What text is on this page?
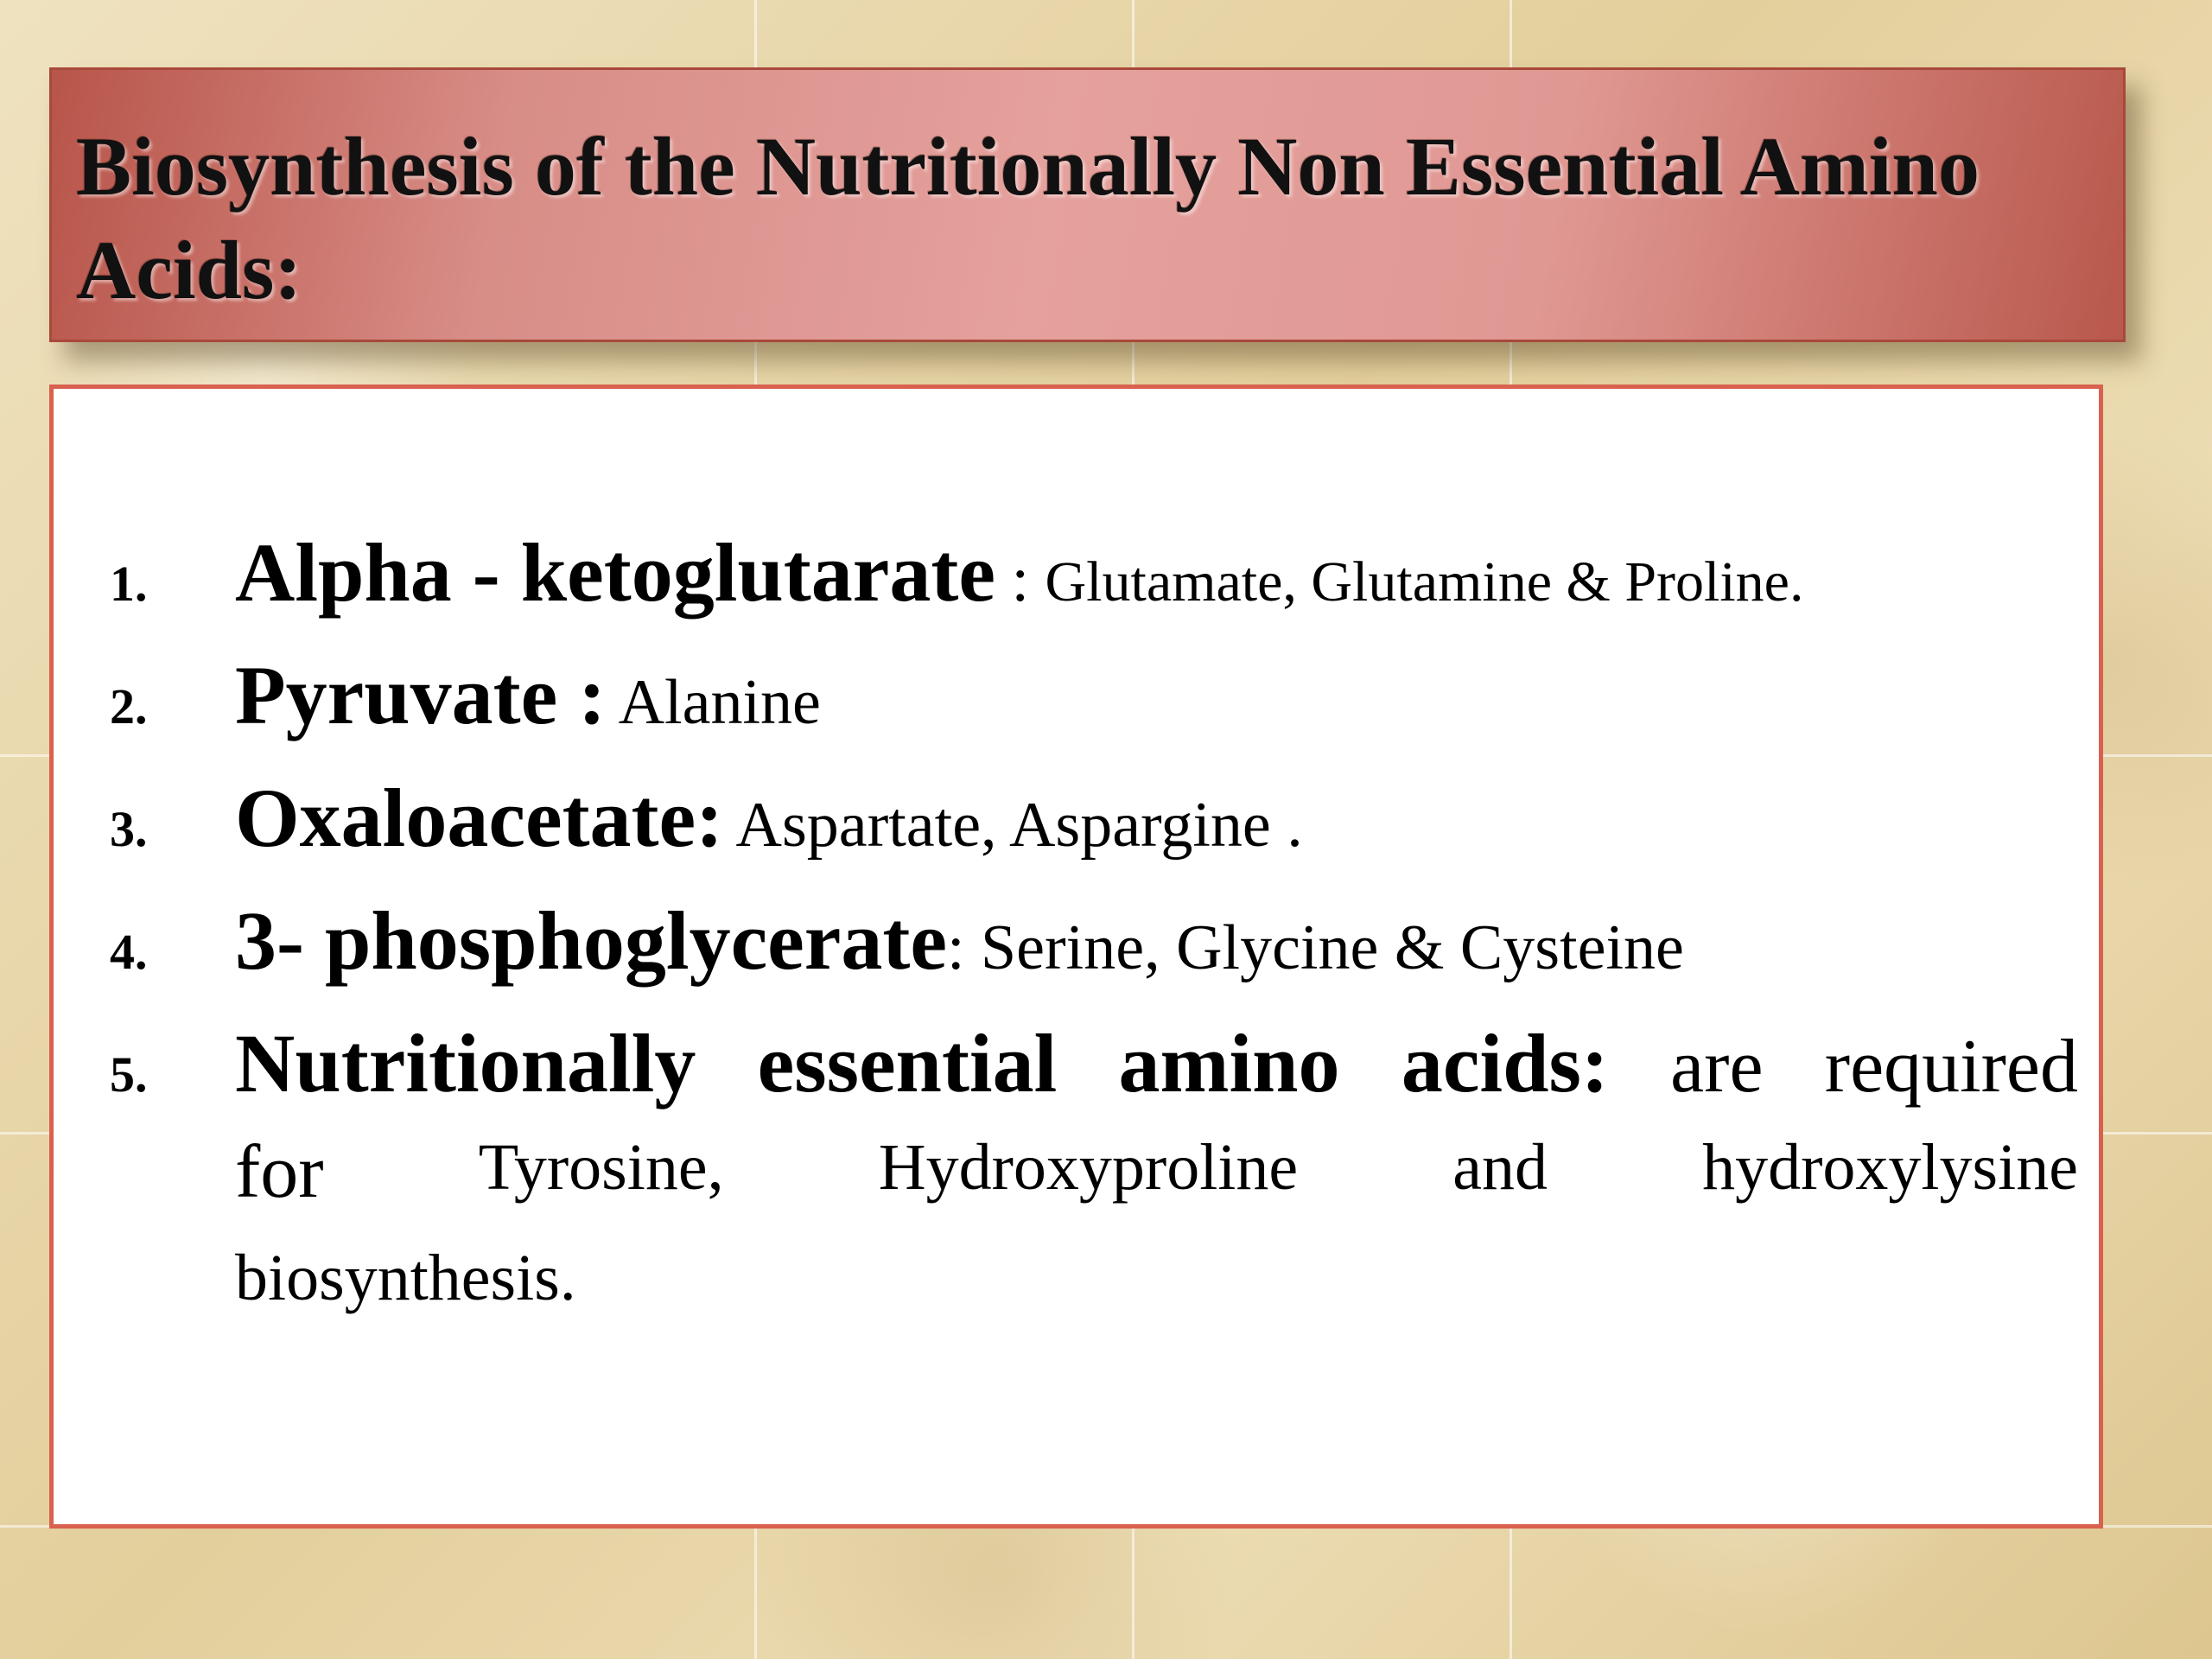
Biosynthesis of the Nutritionally Non Essential Amino Acids:
1. Alpha - ketoglutarate : Glutamate, Glutamine & Proline.
2. Pyruvate : Alanine
3. Oxaloacetate: Aspartate, Aspargine .
4. 3- phosphoglycerate: Serine, Glycine & Cysteine
5. Nutritionally essential amino acids: are required
for Tyrosine, Hydroxyproline and hydroxylysine
biosynthesis.
